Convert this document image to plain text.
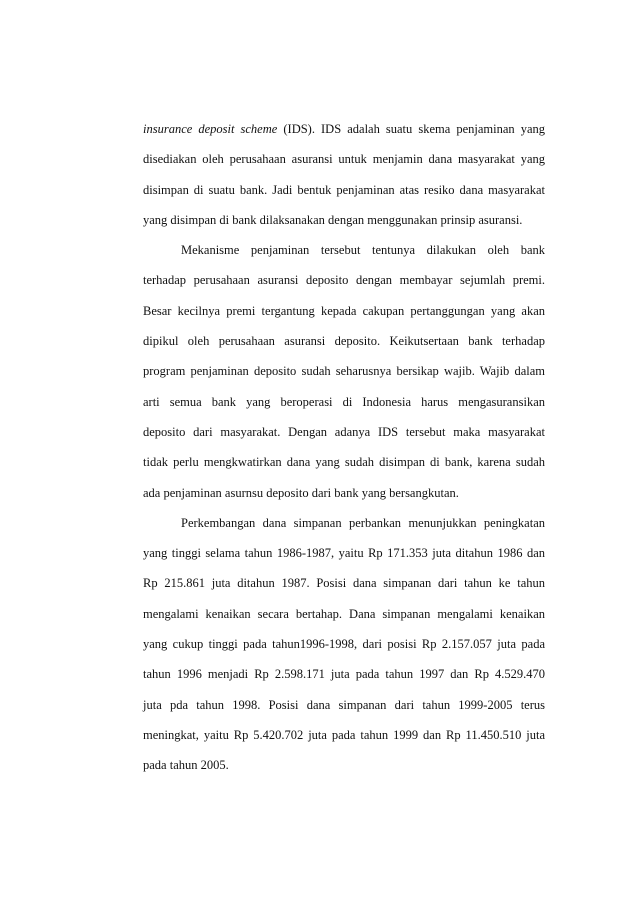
insurance deposit scheme (IDS). IDS adalah suatu skema penjaminan yang
disediakan oleh perusahaan asuransi untuk menjamin dana masyarakat yang
disimpan di suatu bank. Jadi bentuk penjaminan atas resiko dana masyarakat
yang disimpan di bank dilaksanakan dengan menggunakan prinsip asuransi.
Mekanisme penjaminan tersebut tentunya dilakukan oleh bank
terhadap perusahaan asuransi deposito dengan membayar sejumlah premi.
Besar kecilnya premi tergantung kepada cakupan pertanggungan yang akan
dipikul oleh perusahaan asuransi deposito. Keikutsertaan bank terhadap
program penjaminan deposito sudah seharusnya bersikap wajib. Wajib dalam
arti semua bank yang beroperasi di Indonesia harus mengasuransikan
deposito dari masyarakat. Dengan adanya IDS tersebut maka masyarakat
tidak perlu mengkwatirkan dana yang sudah disimpan di bank, karena sudah
ada penjaminan asurnsu deposito dari bank yang bersangkutan.
Perkembangan dana simpanan perbankan menunjukkan peningkatan
yang tinggi selama tahun 1986-1987, yaitu Rp 171.353 juta ditahun 1986 dan
Rp 215.861 juta ditahun 1987. Posisi dana simpanan dari tahun ke tahun
mengalami kenaikan secara bertahap. Dana simpanan mengalami kenaikan
yang cukup tinggi pada tahun1996-1998, dari posisi Rp 2.157.057 juta pada
tahun 1996 menjadi Rp 2.598.171 juta pada tahun 1997 dan Rp 4.529.470
juta pda tahun 1998. Posisi dana simpanan dari tahun 1999-2005 terus
meningkat, yaitu Rp 5.420.702 juta pada tahun 1999 dan Rp 11.450.510 juta
pada tahun 2005.
